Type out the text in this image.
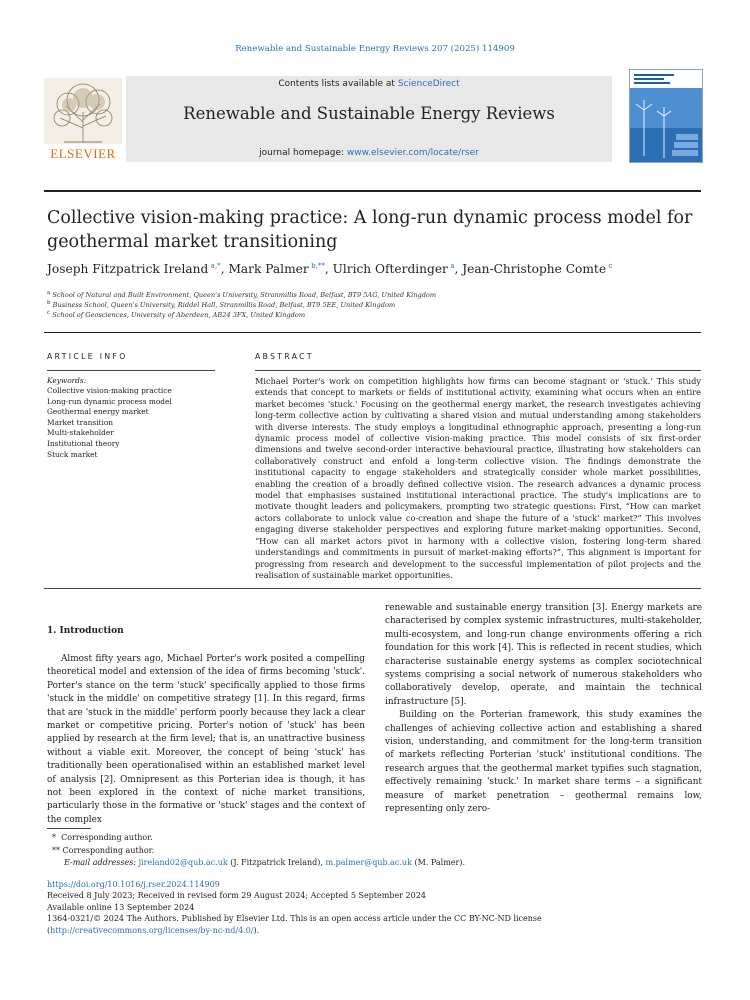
Renewable and Sustainable Energy Reviews 207 (2025) 114909
Contents lists available at ScienceDirect
Renewable and Sustainable Energy Reviews
journal homepage: www.elsevier.com/locate/rser
ELSEVIER
Collective vision-making practice: A long-run dynamic process model for
geothermal market transitioning
Joseph Fitzpatrick Ireland  $^{a,*}$, Mark Palmer  $^{b,**}$, Ulrich Ofterdinger  $^a$, Jean-Christophe Comte  $^c$
$^a$ School of Natural and Built Environment, Queen's University, Stranmillis Road, Belfast, BT9 5AG, United Kingdom
$^b$ Business School, Queen's University, Riddel Hall, Stranmillis Road, Belfast, BT9 5EE, United Kingdom
$^c$ School of Geosciences, University of Aberdeen, AB24 3FX, United Kingdom
ARTICLE INFO
Keywords:
Collective vision-making practice
Long-run dynamic process model
Geothermal energy market
Market transition
Multi-stakeholder
Institutional theory
Stuck market
ABSTRACT
Michael Porter's work on competition highlights how firms can become stagnant or 'stuck.' This study extends that concept to markets or fields of institutional activity, examining what occurs when an entire market becomes 'stuck.' Focusing on the geothermal energy market, the research investigates achieving long-term collective action by cultivating a shared vision and mutual understanding among stakeholders with diverse interests. The study employs a longitudinal ethnographic approach, presenting a long-run dynamic process model of collective vision-making practice. This model consists of six first-order dimensions and twelve second-order interactive behavioural practice, illustrating how stakeholders can collaboratively construct and enfold a long-term collective vision. The findings demonstrate the institutional capacity to engage stakeholders and strategically consider whole market possibilities, enabling the creation of a broadly defined collective vision. The research advances a dynamic process model that emphasises sustained institutional interactional practice. The study's implications are to motivate thought leaders and policymakers, prompting two strategic questions: First, “How can market actors collaborate to unlock value co-creation and shape the future of a 'stuck' market?” This involves engaging diverse stakeholder perspectives and exploring future market-making opportunities. Second, “How can all market actors pivot in harmony with a collective vision, fostering long-term shared understandings and commitments in pursuit of market-making efforts?”, This alignment is important for progressing from research and development to the successful implementation of pilot projects and the realisation of sustainable market opportunities.
1. Introduction

Almost fifty years ago, Michael Porter's work posited a compelling theoretical model and extension of the idea of firms becoming 'stuck'. Porter's stance on the term 'stuck' specifically applied to those firms 'stuck in the middle' on competitive strategy [1]. In this regard, firms that are 'stuck in the middle' perform poorly because they lack a clear market or competitive pricing. Porter's notion of 'stuck' has been applied by research at the firm level; that is, an unattractive business without a viable exit. Moreover, the concept of being 'stuck' has traditionally been operationalised within an established market level of analysis [2]. Omnipresent as this Porterian idea is though, it has not been explored in the context of niche market transitions, particularly those in the formative or 'stuck' stages and the context of the complex

renewable and sustainable energy transition [3]. Energy markets are characterised by complex systemic infrastructures, multi-stakeholder, multi-ecosystem, and long-run change environments offering a rich foundation for this work [4]. This is reflected in recent studies, which characterise sustainable energy systems as complex sociotechnical systems comprising a social network of numerous stakeholders who collaboratively develop, operate, and maintain the technical infrastructure [5].

Building on the Porterian framework, this study examines the challenges of achieving collective action and establishing a shared vision, understanding, and commitment for the long-term transition of markets reflecting Porterian 'stuck' institutional conditions. The research argues that the geothermal market typifies such stagnation, effectively remaining 'stuck.' In market share terms – a significant measure of market penetration – geothermal remains low, representing only zero-

*  Corresponding author.
** Corresponding author.
E-mail addresses: jireland02@qub.ac.uk (J. Fitzpatrick Ireland), m.palmer@qub.ac.uk (M. Palmer).
https://doi.org/10.1016/j.rser.2024.114909
Received 8 July 2023; Received in revised form 29 August 2024; Accepted 5 September 2024
Available online 13 September 2024
1364-0321/© 2024 The Authors. Published by Elsevier Ltd. This is an open access article under the CC BY-NC-ND license (http://creativecommons.org/licenses/by-nc-nd/4.0/).
